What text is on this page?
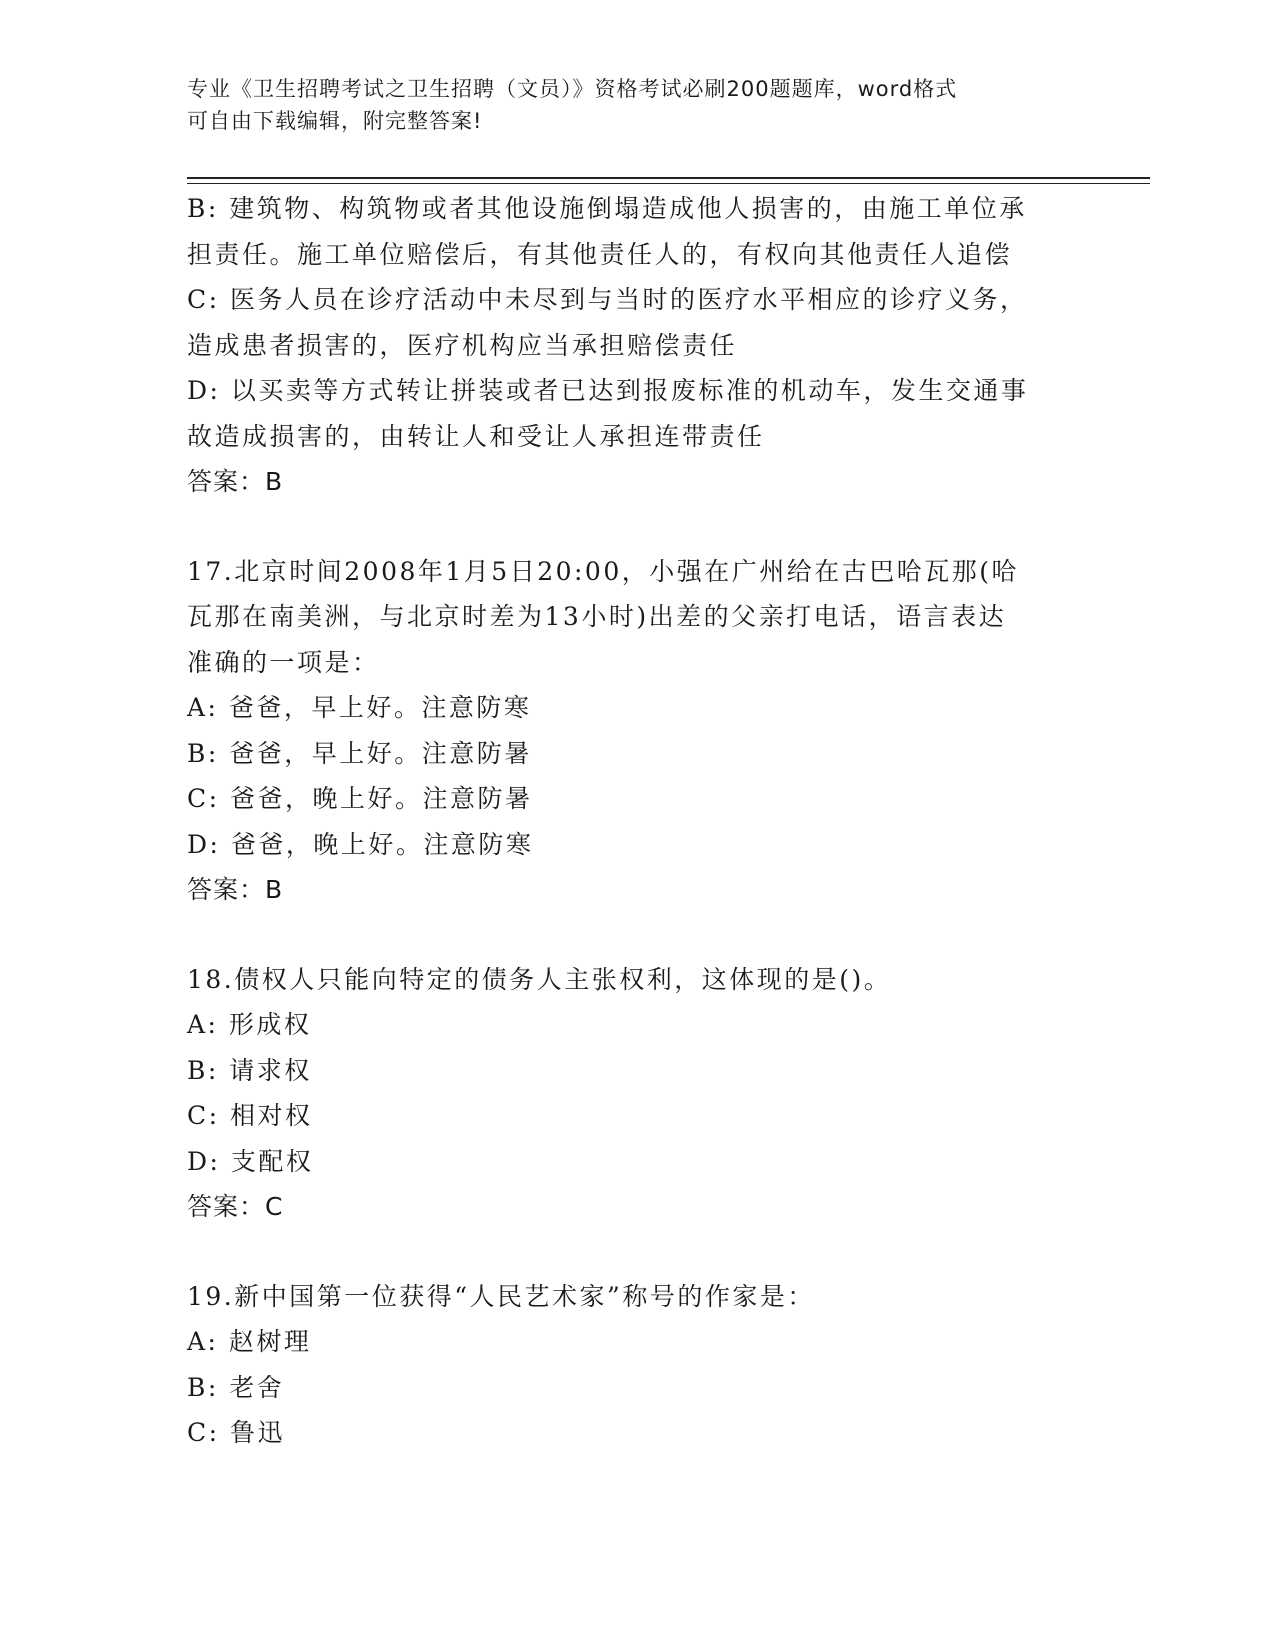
专业《卫生招聘考试之卫生招聘（文员）》资格考试必刷200题题库，word格式
可自由下载编辑，附完整答案!
B: 建筑物、构筑物或者其他设施倒塌造成他人损害的，由施工单位承
担责任。施工单位赔偿后，有其他责任人的，有权向其他责任人追偿
C: 医务人员在诊疗活动中未尽到与当时的医疗水平相应的诊疗义务，
造成患者损害的，医疗机构应当承担赔偿责任
D: 以买卖等方式转让拼装或者已达到报废标准的机动车，发生交通事
故造成损害的，由转让人和受让人承担连带责任
答案：B
17.北京时间2008年1月5日20:00，小强在广州给在古巴哈瓦那(哈
瓦那在南美洲，与北京时差为13小时)出差的父亲打电话，语言表达
准确的一项是：
A: 爸爸，早上好。注意防寒
B: 爸爸，早上好。注意防暑
C: 爸爸，晚上好。注意防暑
D: 爸爸，晚上好。注意防寒
答案：B
18.债权人只能向特定的债务人主张权利，这体现的是()。
A: 形成权
B: 请求权
C: 相对权
D: 支配权
答案：C
19.新中国第一位获得“人民艺术家”称号的作家是：
A: 赵树理
B: 老舍
C: 鲁迅
